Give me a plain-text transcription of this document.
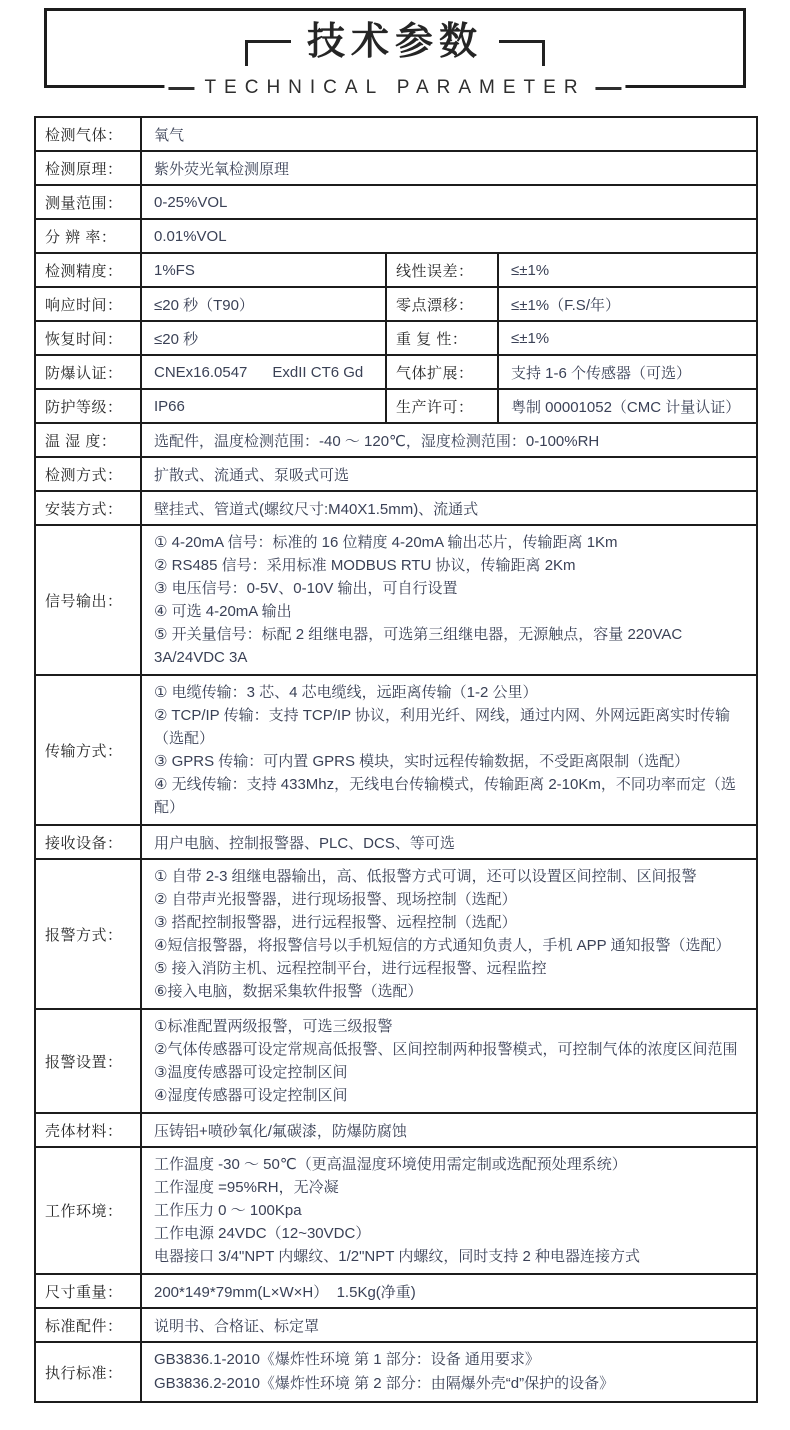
技术参数
TECHNICAL PARAMETER
检测气体：	氧气		
检测原理：	紫外荧光氧检测原理		
测量范围：	0-25%VOL		
分 辨 率：	0.01%VOL		
检测精度：	1%FS	线性误差：	≤±1%
响应时间：	≤20 秒（T90）	零点漂移：	≤±1%（F.S/年）
恢复时间：	≤20 秒	重 复 性：	≤±1%
防爆认证：	CNEx16.0547      ExdII CT6 Gd	气体扩展：	支持 1-6 个传感器（可选）
防护等级：	IP66	生产许可：	粤制 00001052（CMC 计量认证）
温 湿 度：	选配件，温度检测范围：-40 ～ 120℃，湿度检测范围：0-100%RH		
检测方式：	扩散式、流通式、泵吸式可选		
安装方式：	壁挂式、管道式(螺纹尺寸:M40X1.5mm)、流通式		
信号输出：	① 4-20mA 信号：标准的 16 位精度 4-20mA 输出芯片，传输距离 1Km
② RS485 信号：采用标准 MODBUS RTU 协议，传输距离 2Km
③ 电压信号：0-5V、0-10V 输出，可自行设置
④ 可选 4-20mA 输出
⑤ 开关量信号：标配 2 组继电器，可选第三组继电器，无源触点，容量 220VAC 3A/24VDC 3A		

传输方式：	① 电缆传输：3 芯、4 芯电缆线，远距离传输（1-2 公里）
② TCP/IP 传输：支持 TCP/IP 协议，利用光纤、网线，通过内网、外网远距离实时传输（选配）
③ GPRS 传输：可内置 GPRS 模块，实时远程传输数据，不受距离限制（选配）
④ 无线传输：支持 433Mhz，无线电台传输模式，传输距离 2-10Km，不同功率而定（选配）		

接收设备：	用户电脑、控制报警器、PLC、DCS、等可选		
报警方式：	
① 自带 2-3 组继电器输出，高、低报警方式可调，还可以设置区间控制、区间报警
② 自带声光报警器，进行现场报警、现场控制（选配）
③ 搭配控制报警器，进行远程报警、远程控制（选配）
④短信报警器，将报警信号以手机短信的方式通知负责人，手机 APP 通知报警（选配）
⑤ 接入消防主机、远程控制平台，进行远程报警、远程监控
⑥接入电脑，数据采集软件报警（选配）

报警设置：	①标准配置两级报警，可选三级报警
②气体传感器可设定常规高低报警、区间控制两种报警模式，可控制气体的浓度区间范围
③温度传感器可设定控制区间
④湿度传感器可设定控制区间		

壳体材料：	压铸铝+喷砂氧化/氟碳漆，防爆防腐蚀		
工作环境：	工作温度 -30 ～ 50℃（更高温湿度环境使用需定制或选配预处理系统）
工作湿度 =95%RH，无冷凝
工作压力 0 ～ 100Kpa
工作电源 24VDC（12~30VDC）
电器接口 3/4"NPT 内螺纹、1/2"NPT 内螺纹，同时支持 2 种电器连接方式		

尺寸重量：	200*149*79mm(L×W×H）  1.5Kg(净重)		
标准配件：	说明书、合格证、标定罩		
执行标准：	GB3836.1-2010《爆炸性环境 第 1 部分：设备 通用要求》
GB3836.2-2010《爆炸性环境 第 2 部分：由隔爆外壳“d”保护的设备》		
